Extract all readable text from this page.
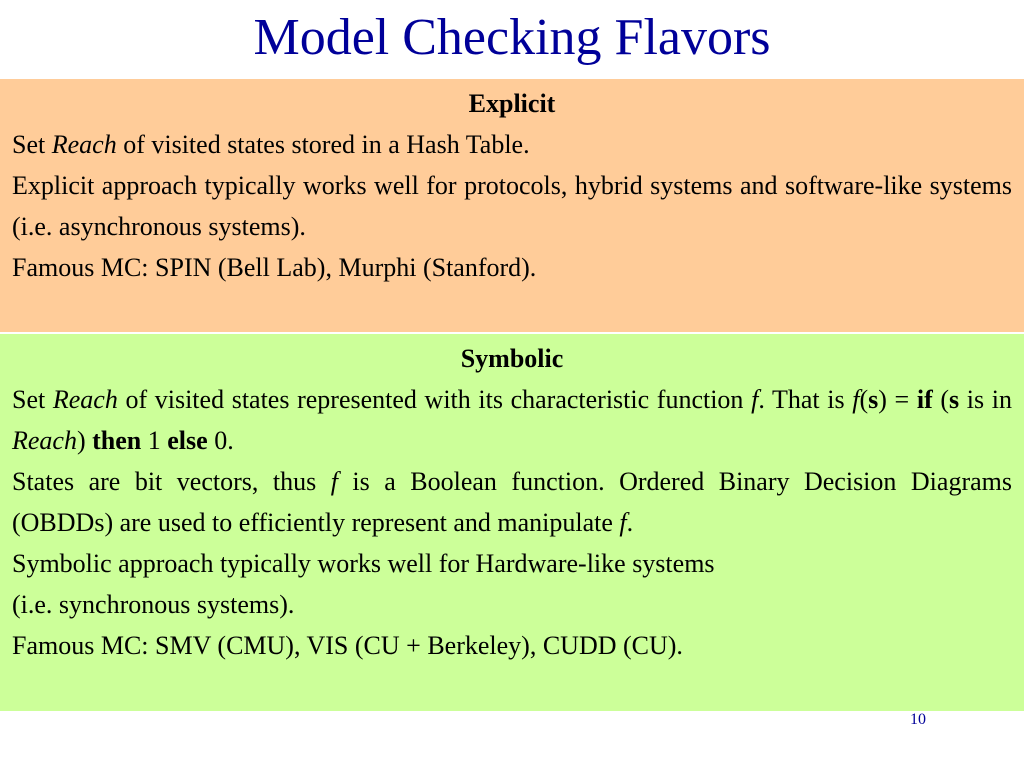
Model Checking Flavors
Explicit

Set Reach of visited states stored in a Hash Table.

Explicit approach typically works well for protocols, hybrid systems and software-like systems (i.e. asynchronous systems).

Famous MC: SPIN (Bell Lab), Murphi (Stanford).

Symbolic

Set Reach of visited states represented with its characteristic function f. That is f(s) = if (s is in Reach) then 1 else 0.

States are bit vectors, thus f is a Boolean function. Ordered Binary Decision Diagrams (OBDDs) are used to efficiently represent and manipulate f.

Symbolic approach typically works well for Hardware-like systems

(i.e. synchronous systems).

Famous MC: SMV (CMU), VIS (CU + Berkeley), CUDD (CU).

10
